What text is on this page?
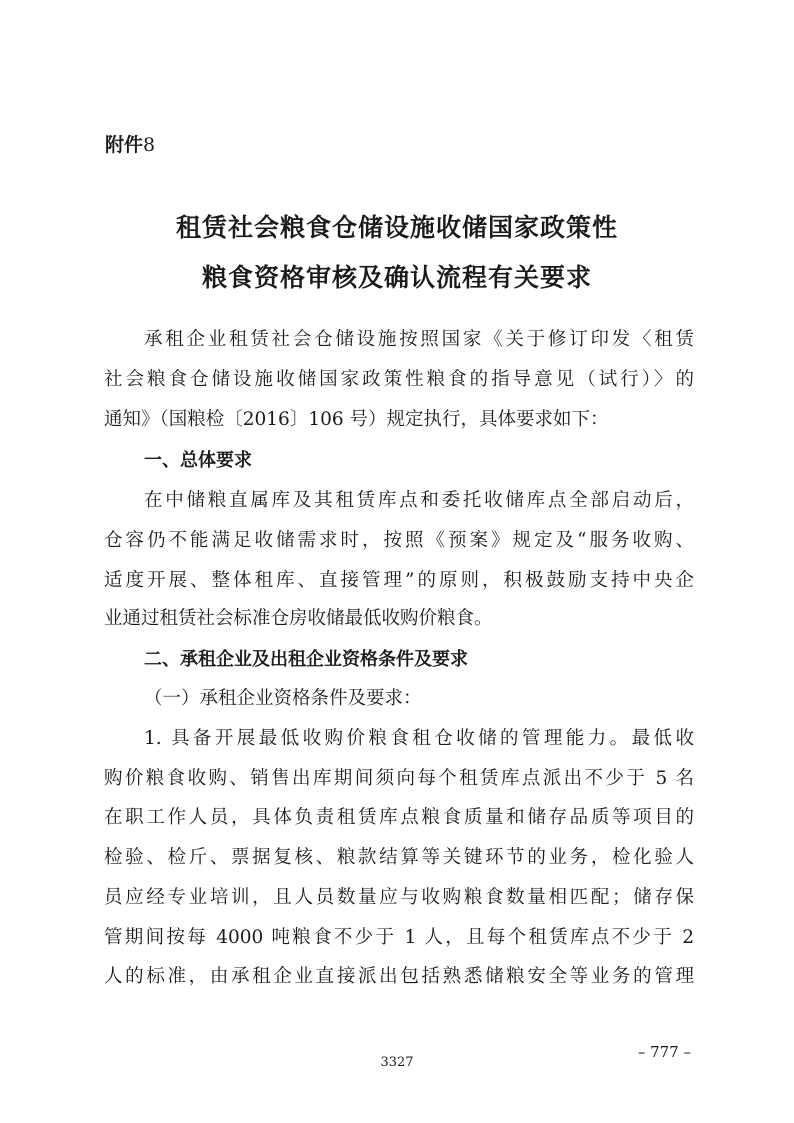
附件8
租赁社会粮食仓储设施收储国家政策性
粮食资格审核及确认流程有关要求
承租企业租赁社会仓储设施按照国家《关于修订印发〈租赁
社会粮食仓储设施收储国家政策性粮食的指导意见（试行）〉的
通知》（国粮检〔2016〕106 号）规定执行，具体要求如下：
一、总体要求
在中储粮直属库及其租赁库点和委托收储库点全部启动后，
仓容仍不能满足收储需求时，按照《预案》规定及“服务收购、
适度开展、整体租库、直接管理”的原则，积极鼓励支持中央企
业通过租赁社会标准仓房收储最低收购价粮食。
二、承租企业及出租企业资格条件及要求
（一）承租企业资格条件及要求：
1. 具备开展最低收购价粮食租仓收储的管理能力。最低收
购价粮食收购、销售出库期间须向每个租赁库点派出不少于 5 名
在职工作人员，具体负责租赁库点粮食质量和储存品质等项目的
检验、检斤、票据复核、粮款结算等关键环节的业务，检化验人
员应经专业培训，且人员数量应与收购粮食数量相匹配；储存保
管期间按每 4000 吨粮食不少于 1 人，且每个租赁库点不少于 2
人的标准，由承租企业直接派出包括熟悉储粮安全等业务的管理
– 777 –
3327
